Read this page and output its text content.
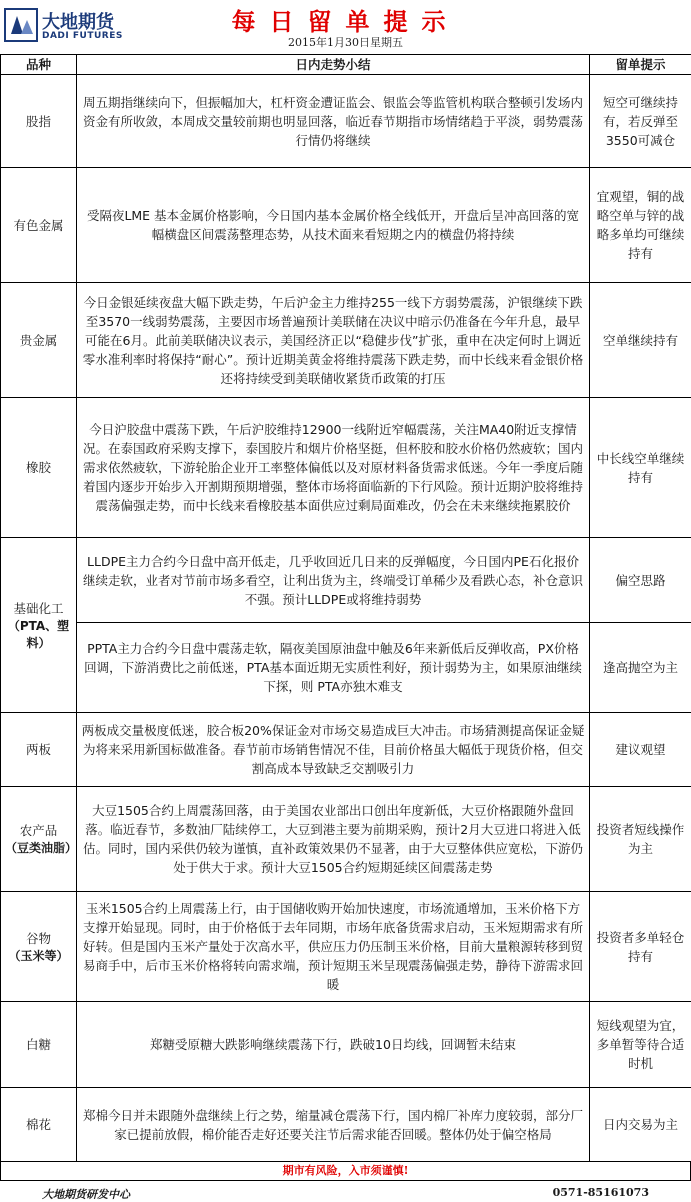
大地期货
DADI FUTURES	每日留单提示
2015年1月30日星期五
品种	日内走势小结	留单提示
股指	周五期指继续向下，但振幅加大，杠杆资金遭证监会、银监会等监管机构联合整顿引发场内资金有所收敛，本周成交量较前期也明显回落，临近春节期指市场情绪趋于平淡，弱势震荡行情仍将继续	短空可继续持有，若反弹至3550可减仓
有色金属	受隔夜LME 基本金属价格影响，今日国内基本金属价格全线低开，开盘后呈冲高回落的宽幅横盘区间震荡整理态势，从技术面来看短期之内的横盘仍将持续	宜观望，铜的战略空单与锌的战略多单均可继续持有
贵金属	今日金银延续夜盘大幅下跌走势，午后沪金主力维持255一线下方弱势震荡，沪银继续下跌至3570一线弱势震荡，主要因市场普遍预计美联储在决议中暗示仍准备在今年升息，最早可能在6月。此前美联储决议表示，美国经济正以“稳健步伐”扩张，重申在决定何时上调近零水准利率时将保持“耐心”。预计近期美黄金将维持震荡下跌走势，而中长线来看金银价格还将持续受到美联储收紧货币政策的打压	空单继续持有
橡胶	今日沪胶盘中震荡下跌，午后沪胶维持12900一线附近窄幅震荡，关注MA40附近支撑情况。在泰国政府采购支撑下，泰国胶片和烟片价格坚挺，但杯胶和胶水价格仍然疲软；国内需求依然疲软，下游轮胎企业开工率整体偏低以及对原材料备货需求低迷。今年一季度后随着国内逐步开始步入开割期预期增强，整体市场将面临新的下行风险。预计近期沪胶将维持震荡偏强走势，而中长线来看橡胶基本面供应过剩局面难改，仍会在未来继续拖累胶价	中长线空单继续持有
基础化工
（PTA、塑料）	LLDPE主力合约今日盘中高开低走，几乎收回近几日来的反弹幅度，今日国内PE石化报价继续走软，业者对节前市场多看空，让利出货为主，终端受订单稀少及看跌心态，补仓意识不强。预计LLDPE或将维持弱势	偏空思路
	PPTA主力合约今日盘中震荡走软，隔夜美国原油盘中触及6年来新低后反弹收高，PX价格回调，下游消费比之前低迷，PTA基本面近期无实质性利好，预计弱势为主，如果原油继续下探，则 PTA亦独木难支	逢高抛空为主
两板	两板成交量极度低迷，胶合板20%保证金对市场交易造成巨大冲击。市场猜测提高保证金疑为将来采用新国标做准备。春节前市场销售情况不佳，目前价格虽大幅低于现货价格，但交割高成本导致缺乏交割吸引力	建议观望
农产品
（豆类油脂）	大豆1505合约上周震荡回落，由于美国农业部出口创出年度新低，大豆价格跟随外盘回落。临近春节，多数油厂陆续停工，大豆到港主要为前期采购，预计2月大豆进口将进入低估。同时，国内采供仍较为谨慎，直补政策效果仍不显著，由于大豆整体供应宽松，下游仍处于供大于求。预计大豆1505合约短期延续区间震荡走势	投资者短线操作为主
谷物
（玉米等）	玉米1505合约上周震荡上行，由于国储收购开始加快速度，市场流通增加，玉米价格下方支撑开始显现。同时，由于价格低于去年同期，市场年底备货需求启动，玉米短期需求有所好转。但是国内玉米产量处于次高水平，供应压力仍压制玉米价格，目前大量粮源转移到贸易商手中，后市玉米价格将转向需求端，预计短期玉米呈现震荡偏强走势，静待下游需求回暖	投资者多单轻仓持有
白糖	郑糖受原糖大跌影响继续震荡下行，跌破10日均线，回调暂未结束	短线观望为宜，多单暂等待合适时机
棉花	郑棉今日并未跟随外盘继续上行之势，缩量减仓震荡下行，国内棉厂补库力度较弱，部分厂家已提前放假，棉价能否走好还要关注节后需求能否回暖。整体仍处于偏空格局	日内交易为主
期市有风险，入市须谨慎!
大地期货研发中心	0571-85161073
